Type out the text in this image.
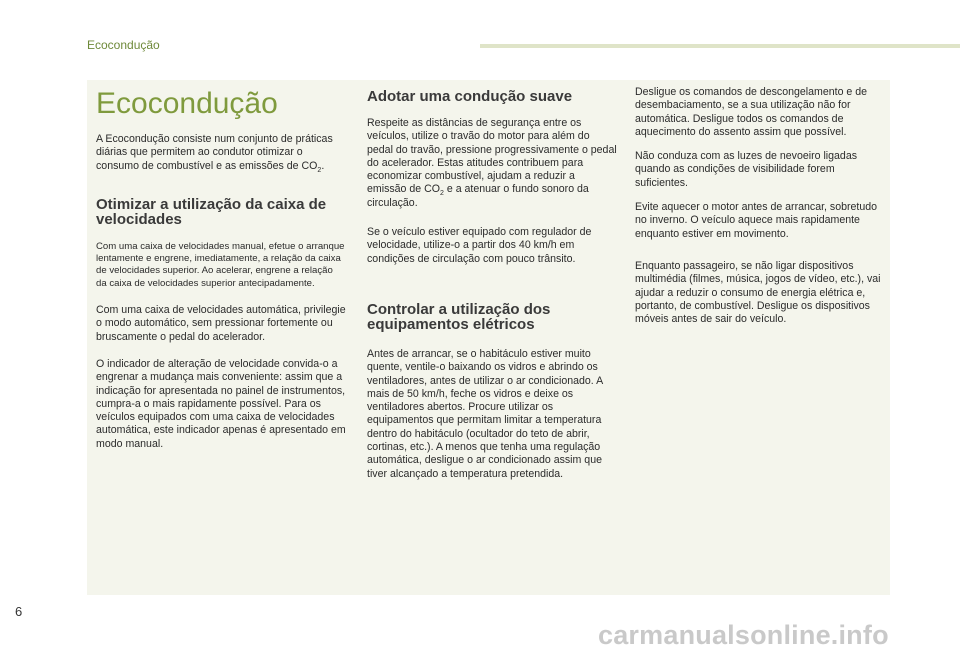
Ecocondução
Ecocondução

A Ecocondução consiste num conjunto de práticas diárias que permitem ao condutor otimizar o consumo de combustível e as emissões de $CO_2$.

Otimizar a utilização da caixa de velocidades

Com uma caixa de velocidades manual, efetue o arranque lentamente e engrene, imediatamente, a relação da caixa de velocidades superior. Ao acelerar, engrene a relação da caixa de velocidades superior antecipadamente.

Com uma caixa de velocidades automática, privilegie o modo automático, sem pressionar fortemente ou bruscamente o pedal do acelerador.

O indicador de alteração de velocidade convida-o a engrenar a mudança mais conveniente: assim que a indicação for apresentada no painel de instrumentos, cumpra-a o mais rapidamente possível. Para os veículos equipados com uma caixa de velocidades automática, este indicador apenas é apresentado em modo manual.

Adotar uma condução suave

Respeite as distâncias de segurança entre os veículos, utilize o travão do motor para além do pedal do travão, pressione progressivamente o pedal do acelerador. Estas atitudes contribuem para economizar combustível, ajudam a reduzir a emissão de $CO_2$ e a atenuar o fundo sonoro da circulação.

Se o veículo estiver equipado com regulador de velocidade, utilize-o a partir dos 40 km/h em condições de circulação com pouco trânsito.

Controlar a utilização dos equipamentos elétricos

Antes de arrancar, se o habitáculo estiver muito quente, ventile-o baixando os vidros e abrindo os ventiladores, antes de utilizar o ar condicionado. A mais de 50 km/h, feche os vidros e deixe os ventiladores abertos. Procure utilizar os equipamentos que permitam limitar a temperatura dentro do habitáculo (ocultador do teto de abrir, cortinas, etc.). A menos que tenha uma regulação automática, desligue o ar condicionado assim que tiver alcançado a temperatura pretendida.

Desligue os comandos de descongelamento e de desembaciamento, se a sua utilização não for automática. Desligue todos os comandos de aquecimento do assento assim que possível.

Não conduza com as luzes de nevoeiro ligadas quando as condições de visibilidade forem suficientes.

Evite aquecer o motor antes de arrancar, sobretudo no inverno. O veículo aquece mais rapidamente enquanto estiver em movimento.

Enquanto passageiro, se não ligar dispositivos multimédia (filmes, música, jogos de vídeo, etc.), vai ajudar a reduzir o consumo de energia elétrica e, portanto, de combustível. Desligue os dispositivos móveis antes de sair do veículo.

6
carmanualsonline.info
